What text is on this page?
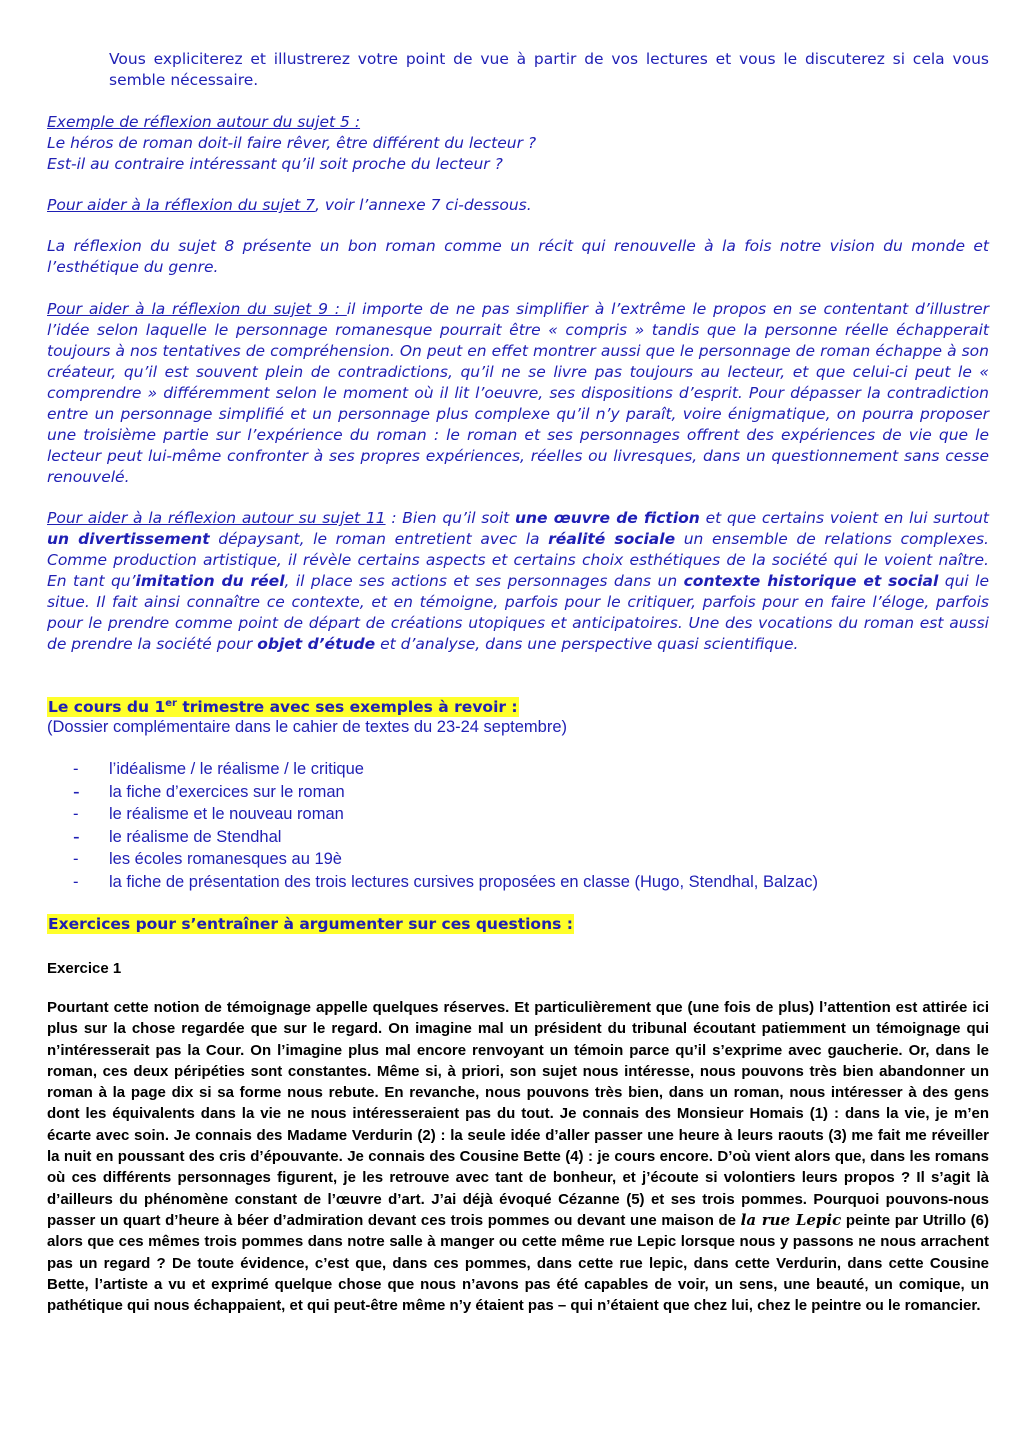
Vous expliciterez et illustrerez votre point de vue à partir de vos lectures et vous le discuterez si cela vous semble nécessaire.

Exemple de réflexion autour du sujet 5 :
Le héros de roman doit-il faire rêver, être différent du lecteur ?
Est-il au contraire intéressant qu’il soit proche du lecteur ?

Pour aider à la réflexion du sujet 7, voir l’annexe 7 ci-dessous.

La réflexion du sujet 8 présente un bon roman comme un récit qui renouvelle à la fois notre vision du monde et l’esthétique du genre.

Pour aider à la réflexion du sujet 9 : il importe de ne pas simplifier à l’extrême le propos en se contentant d’illustrer l’idée selon laquelle le personnage romanesque pourrait être « compris » tandis que la personne réelle échapperait toujours à nos tentatives de compréhension. On peut en effet montrer aussi que le personnage de roman échappe à son créateur, qu’il est souvent plein de contradictions, qu’il ne se livre pas toujours au lecteur, et que celui-ci peut le « comprendre » différemment selon le moment où il lit l’oeuvre, ses dispositions d’esprit. Pour dépasser la contradiction entre un personnage simplifié et un personnage plus complexe qu’il n’y paraît, voire énigmatique, on pourra proposer une troisième partie sur l’expérience du roman : le roman et ses personnages offrent des expériences de vie que le lecteur peut lui-même confronter à ses propres expériences, réelles ou livresques, dans un questionnement sans cesse renouvelé.

Pour aider à la réflexion autour su sujet 11 : Bien qu’il soit une œuvre de fiction et que certains voient en lui surtout un divertissement dépaysant, le roman entretient avec la réalité sociale un ensemble de relations complexes. Comme production artistique, il révèle certains aspects et certains choix esthétiques de la société qui le voient naître. En tant qu’imitation du réel, il place ses actions et ses personnages dans un contexte historique et social qui le situe. Il fait ainsi connaître ce contexte, et en témoigne, parfois pour le critiquer, parfois pour en faire l’éloge, parfois pour le prendre comme point de départ de créations utopiques et anticipatoires. Une des vocations du roman est aussi de prendre la société pour objet d’étude et d’analyse, dans une perspective quasi scientifique.

Le cours du 1er trimestre avec ses exemples à revoir :
(Dossier complémentaire dans le cahier de textes du 23-24 septembre)
- l’idéalisme / le réalisme / le critique
- la fiche d’exercices sur le roman
- le réalisme et le nouveau roman
- le réalisme de Stendhal
- les écoles romanesques au 19è
- la fiche de présentation des trois lectures cursives proposées en classe (Hugo, Stendhal, Balzac)
Exercices pour s’entraîner à argumenter sur ces questions :
Exercice 1

Pourtant cette notion de témoignage appelle quelques réserves. Et particulièrement que (une fois de plus) l’attention est attirée ici plus sur la chose regardée que sur le regard. On imagine mal un président du tribunal écoutant patiemment un témoignage qui n’intéresserait pas la Cour. On l’imagine plus mal encore renvoyant un témoin parce qu’il s’exprime avec gaucherie. Or, dans le roman, ces deux péripéties sont constantes. Même si, à priori, son sujet nous intéresse, nous pouvons très bien abandonner un roman à la page dix si sa forme nous rebute. En revanche, nous pouvons très bien, dans un roman, nous intéresser à des gens dont les équivalents dans la vie ne nous intéresseraient pas du tout. Je connais des Monsieur Homais (1) : dans la vie, je m’en écarte avec soin. Je connais des Madame Verdurin (2) : la seule idée d’aller passer une heure à leurs raouts (3) me fait me réveiller la nuit en poussant des cris d’épouvante. Je connais des Cousine Bette (4) : je cours encore. D’où vient alors que, dans les romans où ces différents personnages figurent, je les retrouve avec tant de bonheur, et j’écoute si volontiers leurs propos ? Il s’agit là d’ailleurs du phénomène constant de l’œuvre d’art. J’ai déjà évoqué Cézanne (5) et ses trois pommes. Pourquoi pouvons-nous passer un quart d’heure à béer d’admiration devant ces trois pommes ou devant une maison de la rue Lepic peinte par Utrillo (6) alors que ces mêmes trois pommes dans notre salle à manger ou cette même rue Lepic lorsque nous y passons ne nous arrachent pas un regard ? De toute évidence, c’est que, dans ces pommes, dans cette rue lepic, dans cette Verdurin, dans cette Cousine Bette, l’artiste a vu et exprimé quelque chose que nous n’avons pas été capables de voir, un sens, une beauté, un comique, un pathétique qui nous échappaient, et qui peut-être même n’y étaient pas – qui n’étaient que chez lui, chez le peintre ou le romancier.
